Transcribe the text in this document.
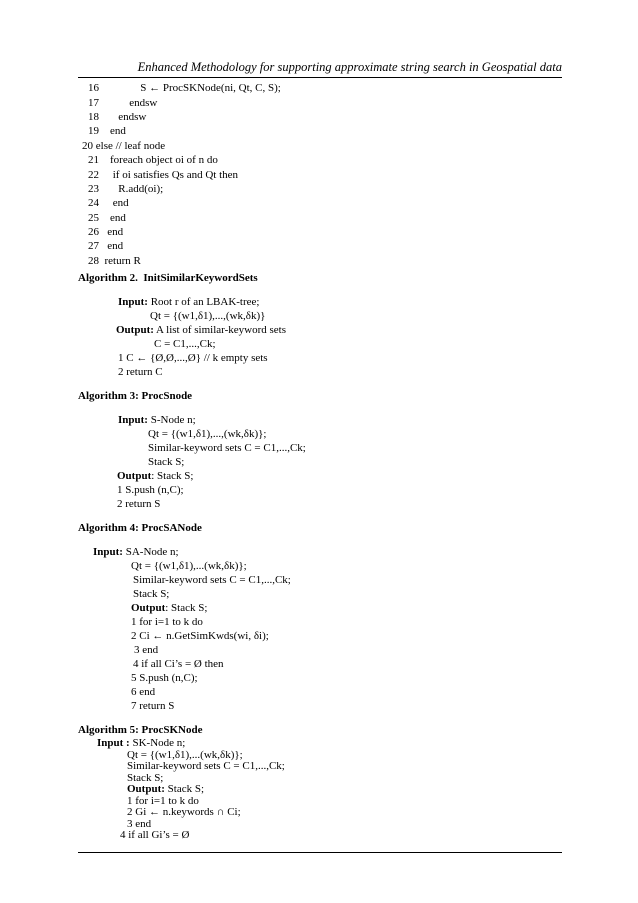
Enhanced Methodology for supporting approximate string search in Geospatial data
16               S ← ProcSKNode(ni, Qt, C, S);
17           endsw
18       endsw
19    end
20 else // leaf node
21    foreach object oi of n do
22     if oi satisfies Qs and Qt then
23       R.add(oi);
24     end
25    end
26   end
27   end
28  return R
Algorithm 2.  InitSimilarKeywordSets
Input: Root r of an LBAK-tree;
Qt = {(w1,δ1),...,(wk,δk)}
Output: A list of similar-keyword sets
C = C1,...,Ck;
1 C ← {Ø,Ø,...,Ø} // k empty sets
2 return C
Algorithm 3: ProcSnode
Input: S-Node n;
Qt = {(w1,δ1),...,(wk,δk)};
Similar-keyword sets C = C1,...,Ck;
Stack S;
Output: Stack S;
1 S.push (n,C);
2 return S
Algorithm 4: ProcSANode
Input: SA-Node n;
Qt = {(w1,δ1),...(wk,δk)};
Similar-keyword sets C = C1,...,Ck;
Stack S;
Output: Stack S;
1 for i=1 to k do
2 Ci ← n.GetSimKwds(wi, δi);
3 end
4 if all Ci’s = Ø then
5 S.push (n,C);
6 end
7 return S
Algorithm 5: ProcSKNode
Input : SK-Node n;
Qt = {(w1,δ1),...(wk,δk)};
Similar-keyword sets C = C1,...,Ck;
Stack S;
Output: Stack S;
1 for i=1 to k do
2 Gi ← n.keywords ∩ Ci;
3 end
4 if all Gi’s = Ø
